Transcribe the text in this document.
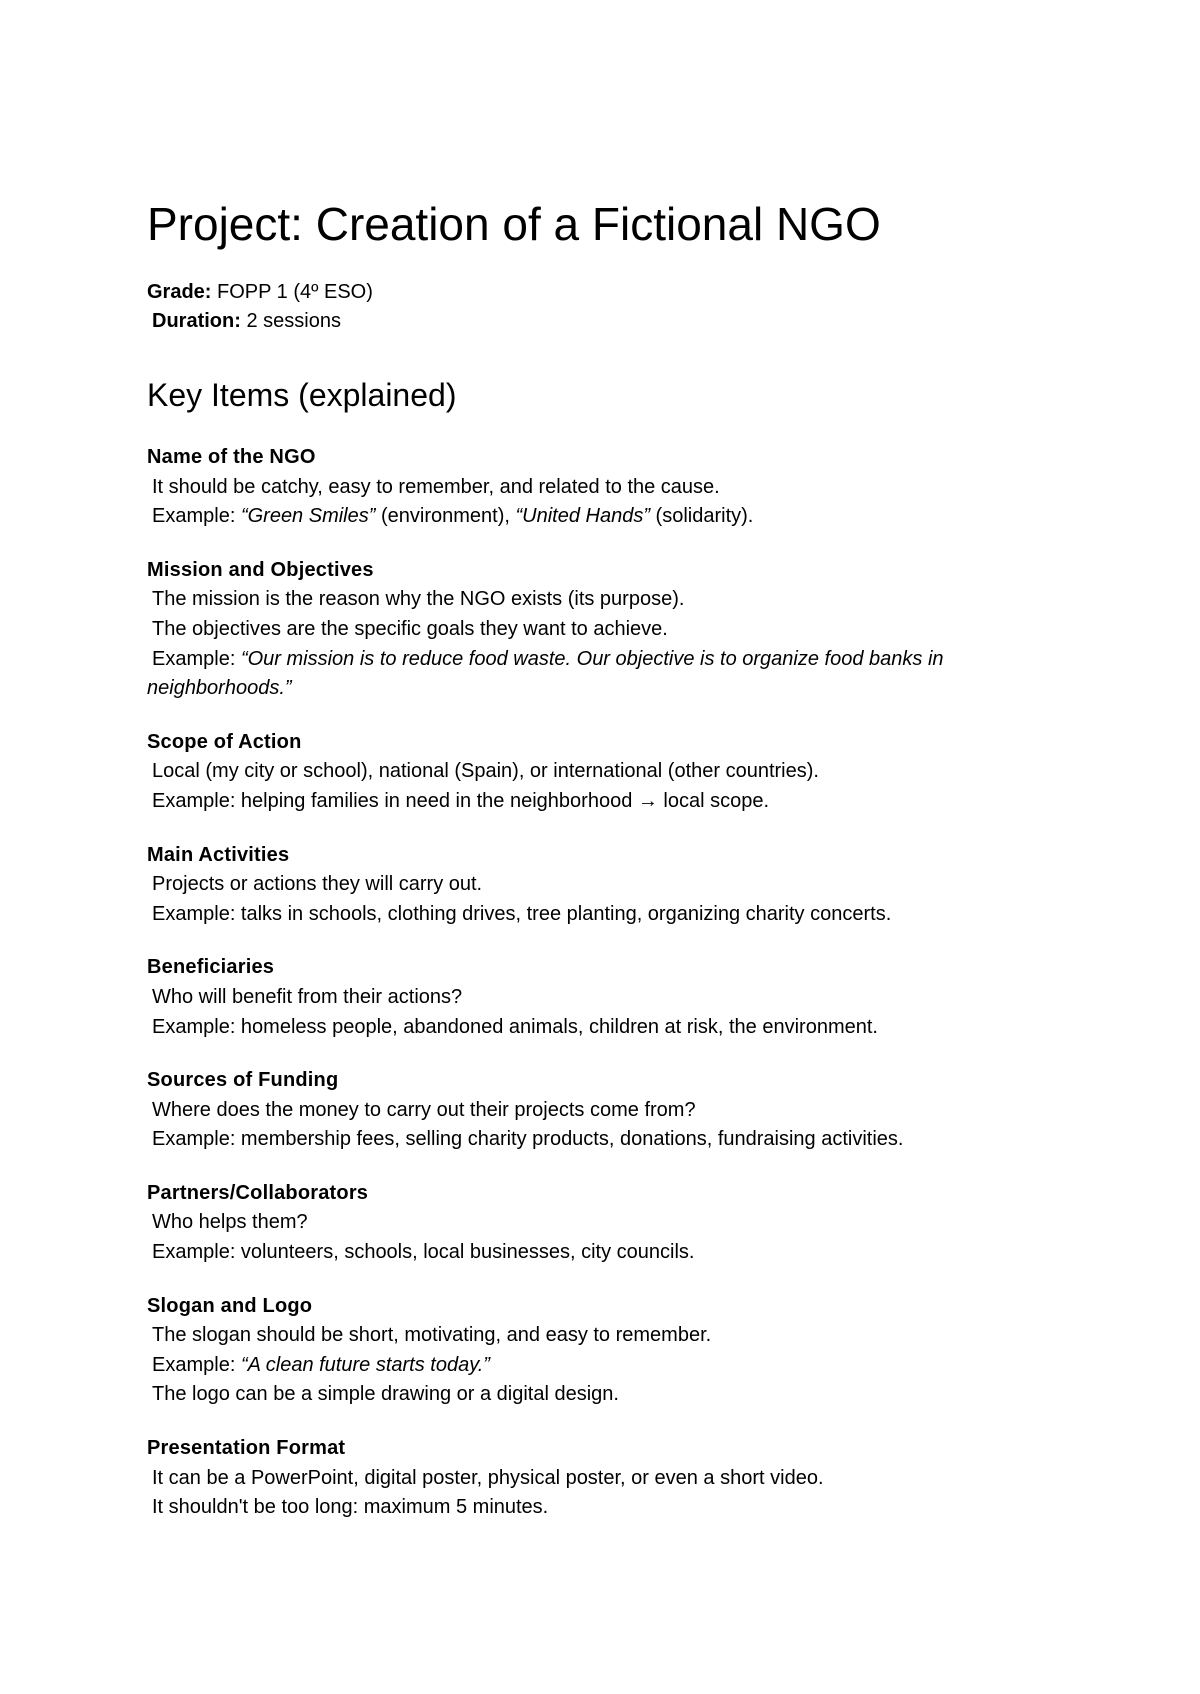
Project: Creation of a Fictional NGO
Grade: FOPP 1 (4º ESO)
Duration: 2 sessions
Key Items (explained)
Name of the NGO
It should be catchy, easy to remember, and related to the cause.
Example: “Green Smiles” (environment), “United Hands” (solidarity).
Mission and Objectives
The mission is the reason why the NGO exists (its purpose).
The objectives are the specific goals they want to achieve.
Example: “Our mission is to reduce food waste. Our objective is to organize food banks in neighborhoods.”
Scope of Action
Local (my city or school), national (Spain), or international (other countries).
Example: helping families in need in the neighborhood → local scope.
Main Activities
Projects or actions they will carry out.
Example: talks in schools, clothing drives, tree planting, organizing charity concerts.
Beneficiaries
Who will benefit from their actions?
Example: homeless people, abandoned animals, children at risk, the environment.
Sources of Funding
Where does the money to carry out their projects come from?
Example: membership fees, selling charity products, donations, fundraising activities.
Partners/Collaborators
Who helps them?
Example: volunteers, schools, local businesses, city councils.
Slogan and Logo
The slogan should be short, motivating, and easy to remember.
Example: “A clean future starts today.”
The logo can be a simple drawing or a digital design.
Presentation Format
It can be a PowerPoint, digital poster, physical poster, or even a short video.
It shouldn't be too long: maximum 5 minutes.
